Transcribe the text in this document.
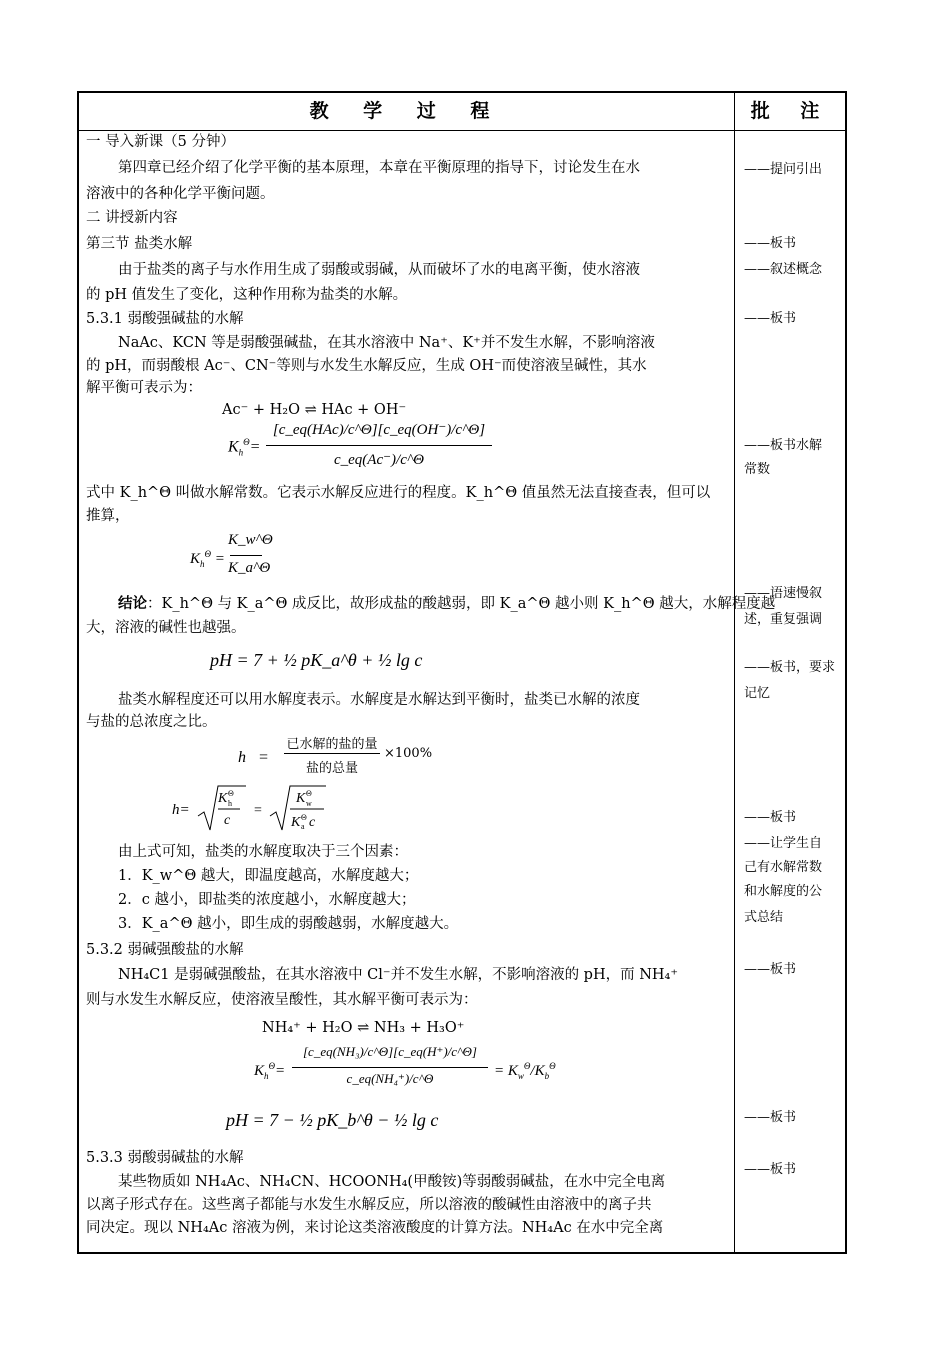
教 学 过 程	批 注
一 导入新课（5 分钟）
第四章已经介绍了化学平衡的基本原理，本章在平衡原理的指导下，讨论发生在水
溶液中的各种化学平衡问题。
二 讲授新内容
第三节 盐类水解
由于盐类的离子与水作用生成了弱酸或弱碱，从而破坏了水的电离平衡，使水溶液
的 pH 值发生了变化，这种作用称为盐类的水解。
5.3.1 弱酸强碱盐的水解
NaAc、KCN 等是弱酸强碱盐，在其水溶液中 Na⁺、K⁺并不发生水解，不影响溶液
的 pH，而弱酸根 Ac⁻、CN⁻等则与水发生水解反应，生成 OH⁻而使溶液呈碱性，其水
解平衡可表示为：
Ac⁻ + H₂O ⇌ HAc + OH⁻
$K_h^\Theta=$
[c_eq(HAc)/c^Θ][c_eq(OH⁻)/c^Θ]
c_eq(Ac⁻)/c^Θ
式中 K_h^Θ 叫做水解常数。它表示水解反应进行的程度。K_h^Θ 值虽然无法直接查表，但可以
推算，
$K_h^\Theta$ =
K_w^Θ
K_a^Θ
结论：K_h^Θ 与 K_a^Θ 成反比，故形成盐的酸越弱，即 K_a^Θ 越小则 K_h^Θ 越大，水解程度越
大，溶液的碱性也越强。
pH = 7 + ½ pK_a^θ + ½ lg c
盐类水解程度还可以用水解度表示。水解度是水解达到平衡时，盐类已水解的浓度
与盐的总浓度之比。
h   =
已水解的盐的量
盐的总量
×100%
h=
K Θ
h
c
=
K Θ
w
K Θ
a c
由上式可知，盐类的水解度取决于三个因素：
1．K_w^Θ 越大，即温度越高，水解度越大；
2．c 越小，即盐类的浓度越小，水解度越大；
3．K_a^Θ 越小，即生成的弱酸越弱，水解度越大。
5.3.2 弱碱强酸盐的水解
NH₄C1 是弱碱强酸盐，在其水溶液中 Cl⁻并不发生水解，不影响溶液的 pH，而 NH₄⁺
则与水发生水解反应，使溶液呈酸性，其水解平衡可表示为：
NH₄⁺ + H₂O ⇌ NH₃ + H₃O⁺
$K_h^\Theta=$
[c_eq(NH₃)/c^Θ][c_eq(H⁺)/c^Θ]
c_eq(NH₄⁺)/c^Θ	= $K_w^\Theta/K_b^\Theta$
pH = 7 − ½ pK_b^θ − ½ lg c
5.3.3 弱酸弱碱盐的水解
某些物质如 NH₄Ac、NH₄CN、HCOONH₄(甲酸铵)等弱酸弱碱盐，在水中完全电离
以离子形式存在。这些离子都能与水发生水解反应，所以溶液的酸碱性由溶液中的离子共
同决定。现以 NH₄Ac 溶液为例，来讨论这类溶液酸度的计算方法。NH₄Ac 在水中完全离
——提问引出
——板书
——叙述概念
——板书
——板书水解
常数
——语速慢叙
述，重复强调
——板书，要求
记忆
——板书
——让学生自
己有水解常数
和水解度的公
式总结
——板书
——板书
——板书
